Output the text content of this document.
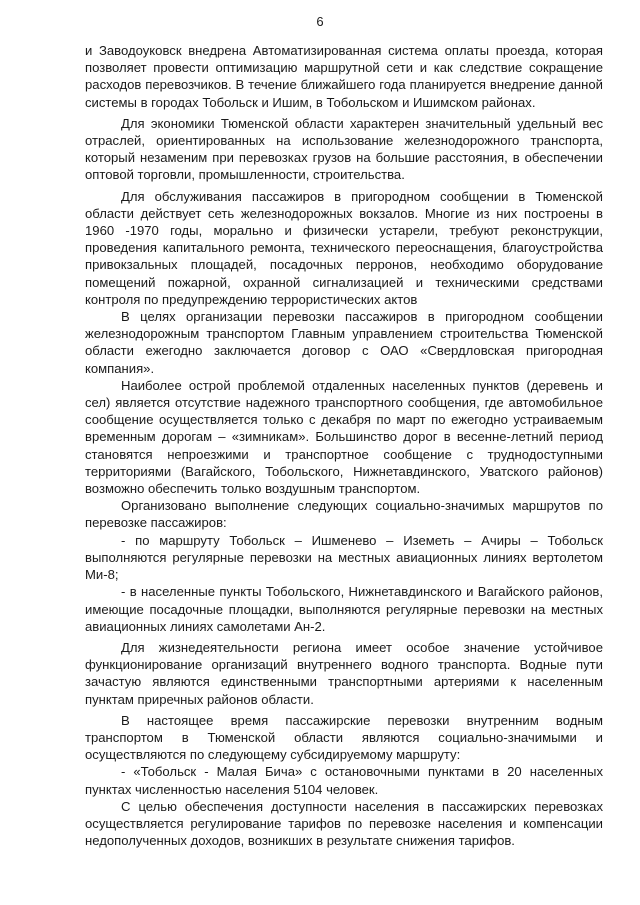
6

и Заводоуковск внедрена Автоматизированная система оплаты проезда, которая позволяет провести оптимизацию маршрутной сети и как следствие сокращение расходов перевозчиков. В течение ближайшего года планируется внедрение данной системы в городах Тобольск и Ишим, в Тобольском и Ишимском районах.

Для экономики Тюменской области характерен значительный удельный вес отраслей, ориентированных на использование железнодорожного транспорта, который незаменим при перевозках грузов на большие расстояния, в обеспечении оптовой торговли, промышленности, строительства.

Для обслуживания пассажиров в пригородном сообщении в Тюменской области действует сеть железнодорожных вокзалов. Многие из них построены в 1960 -1970 годы, морально и физически устарели, требуют реконструкции, проведения капитального ремонта, технического переоснащения, благоустройства привокзальных площадей, посадочных перронов, необходимо оборудование помещений пожарной, охранной сигнализацией и техническими средствами контроля по предупреждению террористических актов

В целях организации перевозки пассажиров в пригородном сообщении железнодорожным транспортом Главным управлением строительства Тюменской области ежегодно заключается договор с ОАО «Свердловская пригородная компания».

Наиболее острой проблемой отдаленных населенных пунктов (деревень и сел) является отсутствие надежного транспортного сообщения, где автомобильное сообщение осуществляется только с декабря по март по ежегодно устраиваемым временным дорогам – «зимникам». Большинство дорог в весенне-летний период становятся непроезжими и транспортное сообщение с труднодоступными территориями (Вагайского, Тобольского, Нижнетавдинского, Уватского районов) возможно обеспечить только воздушным транспортом.

Организовано выполнение следующих социально-значимых маршрутов по перевозке пассажиров:

- по маршруту Тобольск – Ишменево – Иземеть – Ачиры – Тобольск выполняются регулярные перевозки на местных авиационных линиях вертолетом Ми-8;

- в населенные пункты Тобольского, Нижнетавдинского и Вагайского районов, имеющие посадочные площадки, выполняются регулярные перевозки на местных авиационных линиях самолетами Ан-2.

Для жизнедеятельности региона имеет особое значение устойчивое функционирование организаций внутреннего водного транспорта. Водные пути зачастую являются единственными транспортными артериями к населенным пунктам приречных районов области.

В настоящее время пассажирские перевозки внутренним водным транспортом в Тюменской области являются социально-значимыми и осуществляются по следующему субсидируемому маршруту:

- «Тобольск - Малая Бича» с остановочными пунктами в 20 населенных пунктах численностью населения 5104 человек.

С целью обеспечения доступности населения в пассажирских перевозках осуществляется регулирование тарифов по перевозке населения и компенсации недополученных доходов, возникших в результате снижения тарифов.
